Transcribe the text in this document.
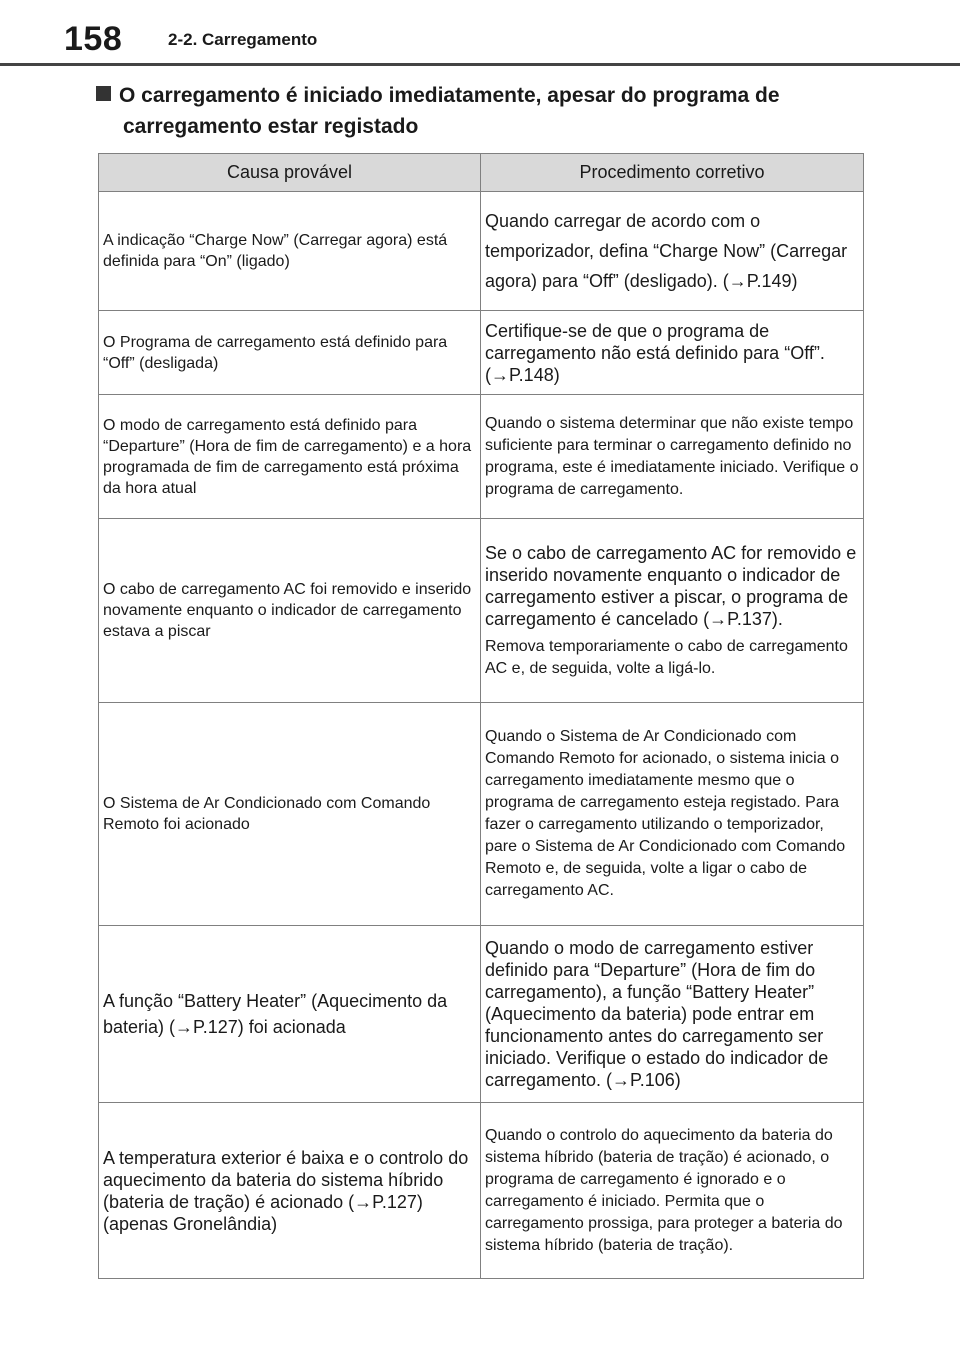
158	2-2. Carregamento
O carregamento é iniciado imediatamente, apesar do programa de
carregamento estar registado
Causa provável	Procedimento corretivo
A indicação “Charge Now” (Carregar agora) está definida para “On” (ligado)	Quando carregar de acordo com o temporizador, defina “Charge Now” (Carregar agora) para “Off” (desligado). (→P.149)

O Programa de carregamento está definido para “Off” (desligada)	Certifique-se de que o programa de carregamento não está definido para “Off”. (→P.148)

O modo de carregamento está definido para “Departure” (Hora de fim de carregamento) e a hora programada de fim de carregamento está próxima da hora atual	Quando o sistema determinar que não existe tempo suficiente para terminar o carregamento definido no programa, este é imediatamente iniciado. Verifique o programa de carregamento.

O cabo de carregamento AC foi removido e inserido novamente enquanto o indicador de carregamento estava a piscar	Se o cabo de carregamento AC for removido e inserido novamente enquanto o indicador de carregamento estiver a piscar, o programa de carregamento é cancelado (→P.137).

Remova temporariamente o cabo de carregamento AC e, de seguida, volte a ligá-lo.

O Sistema de Ar Condicionado com Comando Remoto foi acionado	Quando o Sistema de Ar Condicionado com Comando Remoto for acionado, o sistema inicia o carregamento imediatamente mesmo que o programa de carregamento esteja registado. Para fazer o carregamento utilizando o temporizador, pare o Sistema de Ar Condicionado com Comando Remoto e, de seguida, volte a ligar o cabo de carregamento AC.

A função “Battery Heater” (Aquecimento da bateria) (→P.127) foi acionada	Quando o modo de carregamento estiver definido para “Departure” (Hora de fim do carregamento), a função “Battery Heater” (Aquecimento da bateria) pode entrar em funcionamento antes do carregamento ser iniciado. Verifique o estado do indicador de carregamento. (→P.106)

A temperatura exterior é baixa e o controlo do aquecimento da bateria do sistema híbrido (bateria de tração) é acionado (→P.127) (apenas Gronelândia)	Quando o controlo do aquecimento da bateria do sistema híbrido (bateria de tração) é acionado, o programa de carregamento é ignorado e o carregamento é iniciado. Permita que o carregamento prossiga, para proteger a bateria do sistema híbrido (bateria de tração).
